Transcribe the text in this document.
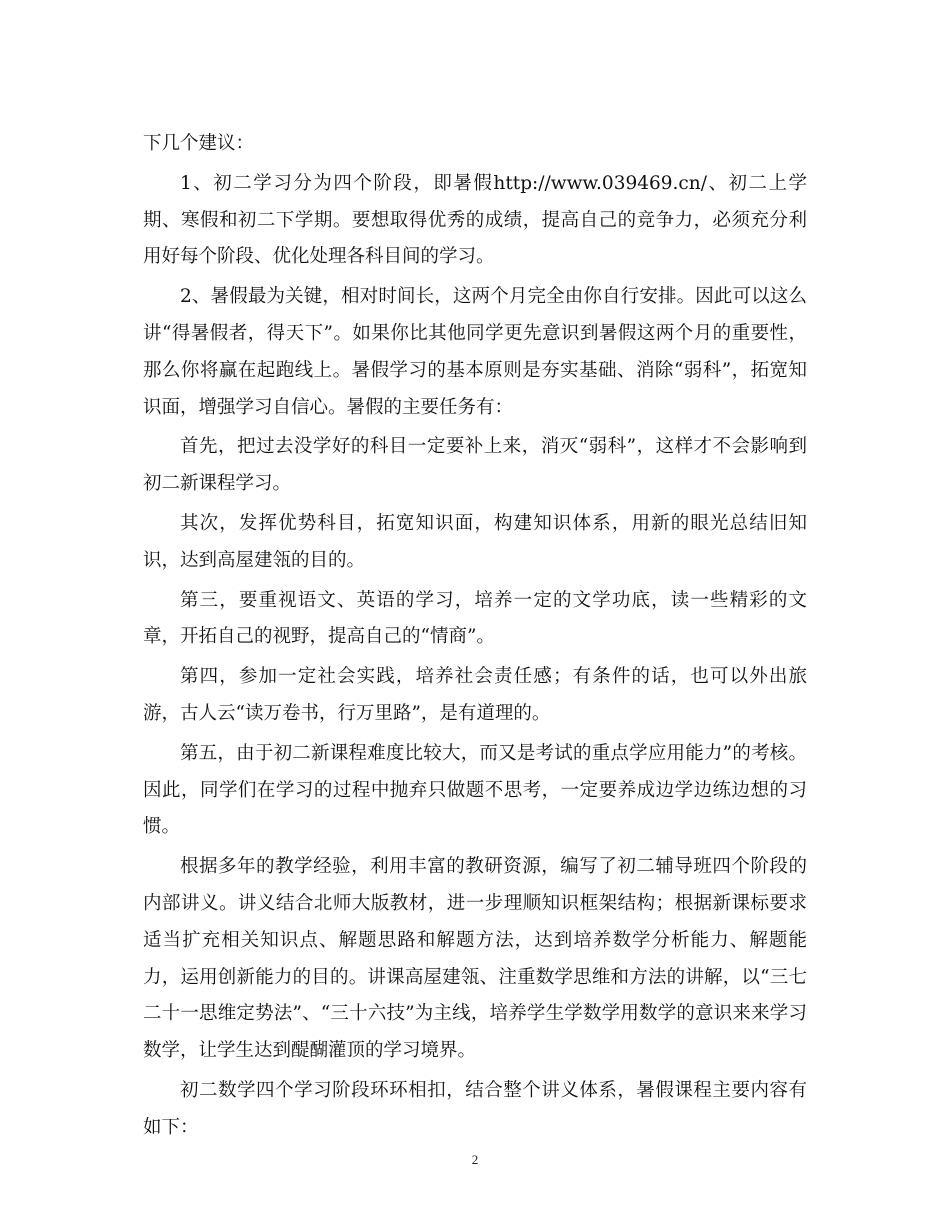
下几个建议：

1、初二学习分为四个阶段，即暑假http://www.039469.cn/、初二上学期、寒假和初二下学期。要想取得优秀的成绩，提高自己的竞争力，必须充分利用好每个阶段、优化处理各科目间的学习。

2、暑假最为关键，相对时间长，这两个月完全由你自行安排。因此可以这么讲“得暑假者，得天下”。如果你比其他同学更先意识到暑假这两个月的重要性，那么你将赢在起跑线上。暑假学习的基本原则是夯实基础、消除“弱科”，拓宽知识面，增强学习自信心。暑假的主要任务有：

首先，把过去没学好的科目一定要补上来，消灭“弱科”，这样才不会影响到初二新课程学习。

其次，发挥优势科目，拓宽知识面，构建知识体系，用新的眼光总结旧知识，达到高屋建瓴的目的。

第三，要重视语文、英语的学习，培养一定的文学功底，读一些精彩的文章，开拓自己的视野，提高自己的“情商”。

第四，参加一定社会实践，培养社会责任感；有条件的话，也可以外出旅游，古人云“读万卷书，行万里路”，是有道理的。

第五，由于初二新课程难度比较大，而又是考试的重点学应用能力”的考核。因此，同学们在学习的过程中抛弃只做题不思考，一定要养成边学边练边想的习惯。

根据多年的教学经验，利用丰富的教研资源，编写了初二辅导班四个阶段的内部讲义。讲义结合北师大版教材，进一步理顺知识框架结构；根据新课标要求适当扩充相关知识点、解题思路和解题方法，达到培养数学分析能力、解题能力，运用创新能力的目的。讲课高屋建瓴、注重数学思维和方法的讲解，以“三七二十一思维定势法”、“三十六技”为主线，培养学生学数学用数学的意识来来学习数学，让学生达到醍醐灌顶的学习境界。

初二数学四个学习阶段环环相扣，结合整个讲义体系，暑假课程主要内容有如下：

2
